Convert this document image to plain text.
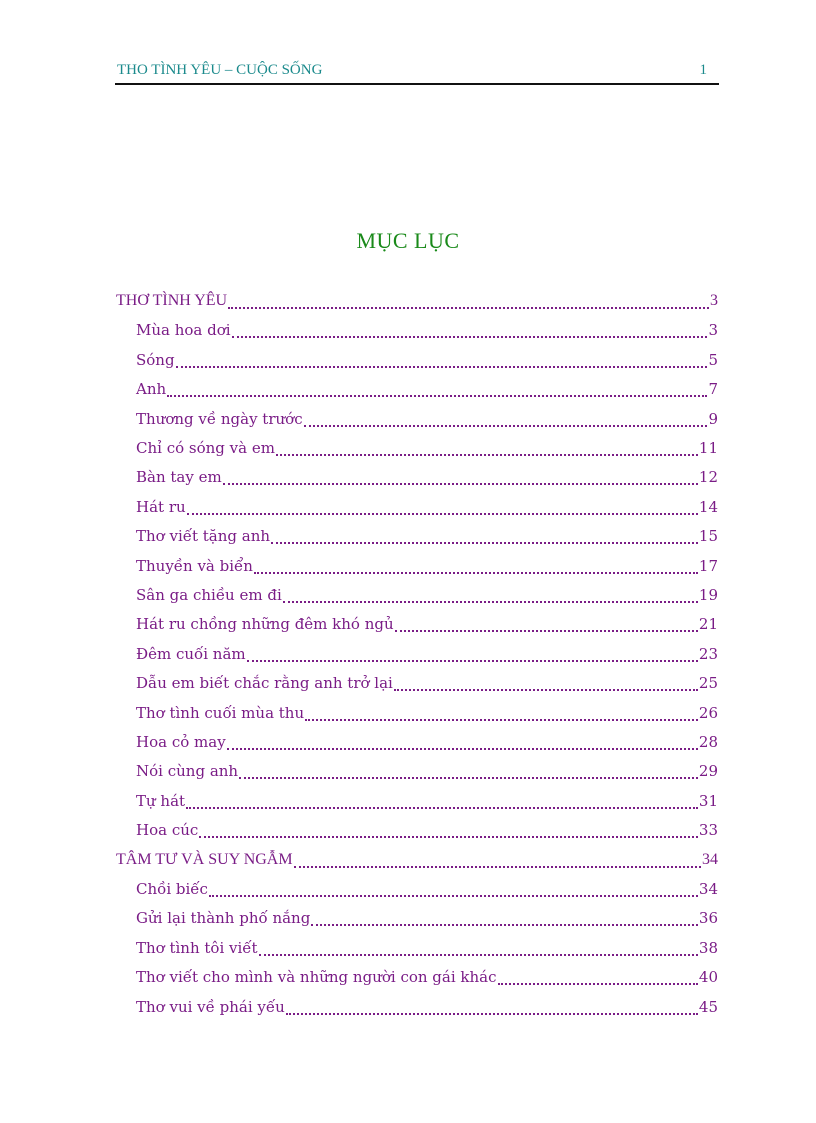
THO TÌNH YÊU – CUỘC SỐNG	1
MỤC LỤC
THƠ TÌNH YÊU	3
Mùa hoa dơi	3
Sóng	5
Anh	7
Thương về ngày trước	9
Chỉ có sóng và em	11
Bàn tay em	12
Hát ru	14
Thơ viết tặng anh	15
Thuyền và biển	17
Sân ga chiều em đi	19
Hát ru chồng những đêm khó ngủ	21
Đêm cuối năm	23
Dẫu em biết chắc rằng anh trở lại	25
Thơ tình cuối mùa thu	26
Hoa cỏ may	28
Nói cùng anh	29
Tự hát	31
Hoa cúc	33
TÂM TƯ VÀ SUY NGẪM	34
Chồi biếc	34
Gửi lại thành phố nắng	36
Thơ tình tôi viết	38
Thơ viết cho mình và những người con gái khác	40
Thơ vui về phái yếu	45
